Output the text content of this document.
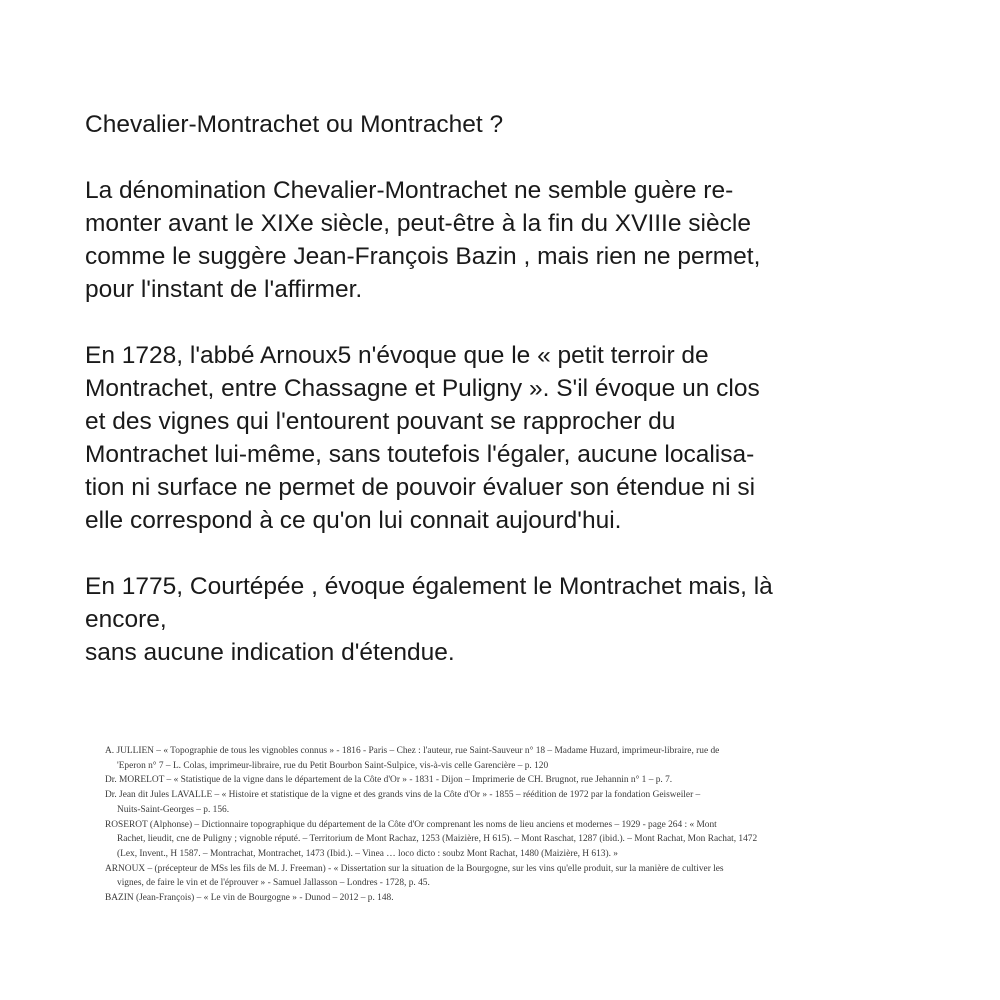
Chevalier-Montrachet ou Montrachet ?

La dénomination Chevalier-Montrachet ne semble guère re-
monter avant le XIXe siècle, peut-être à la fin du XVIIIe siècle
comme le suggère Jean-François Bazin , mais rien ne permet,
pour l'instant de l'affirmer.

En 1728, l'abbé Arnoux5 n'évoque que le « petit terroir de
Montrachet, entre Chassagne et Puligny ». S'il évoque un clos
et des vignes qui l'entourent pouvant se rapprocher du
Montrachet lui-même, sans toutefois l'égaler, aucune localisa-
tion ni surface ne permet de pouvoir évaluer son étendue ni si
elle correspond à ce qu'on lui connait aujourd'hui.

En 1775, Courtépée , évoque également le Montrachet mais, là
encore,
sans aucune indication d'étendue.

A. JULLIEN – « Topographie de tous les vignobles connus » - 1816 - Paris – Chez : l'auteur, rue Saint-Sauveur n° 18 – Madame Huzard, imprimeur-libraire, rue de
'Eperon n° 7 – L. Colas, imprimeur-libraire, rue du Petit Bourbon Saint-Sulpice, vis-à-vis celle Garencière – p. 120

Dr. MORELOT – « Statistique de la vigne dans le département de la Côte d'Or » - 1831 - Dijon – Imprimerie de CH. Brugnot, rue Jehannin n° 1 – p. 7.

Dr. Jean dit Jules LAVALLE – « Histoire et statistique de la vigne et des grands vins de la Côte d'Or » - 1855 – réédition de 1972 par la fondation Geisweiler –
Nuits-Saint-Georges – p. 156.

ROSEROT (Alphonse) – Dictionnaire topographique du département de la Côte d'Or comprenant les noms de lieu anciens et modernes – 1929 - page 264 : « Mont
Rachet, lieudit, cne de Puligny ; vignoble réputé. – Territorium de Mont Rachaz, 1253 (Maizière, H 615). – Mont Raschat, 1287 (ibid.). – Mont Rachat, Mon Rachat, 1472
(Lex, Invent., H 1587. – Montrachat, Montrachet, 1473 (Ibid.). – Vinea … loco dicto : soubz Mont Rachat, 1480 (Maizière, H 613). »

ARNOUX – (précepteur de MSs les fils de M. J. Freeman) - « Dissertation sur la situation de la Bourgogne, sur les vins qu'elle produit, sur la manière de cultiver les
vignes, de faire le vin et de l'éprouver » - Samuel Jallasson – Londres - 1728, p. 45.

BAZIN (Jean-François) – « Le vin de Bourgogne » - Dunod – 2012 – p. 148.
